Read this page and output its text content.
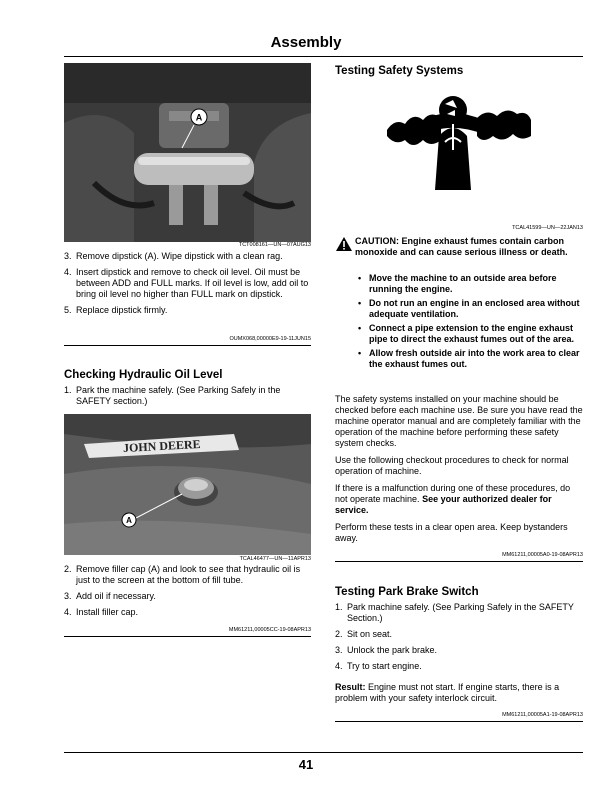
Assembly
A
TCT008161—UN—07AUG13
3. Remove dipstick (A). Wipe dipstick with a clean rag.
4. Insert dipstick and remove to check oil level. Oil must be between ADD and FULL marks. If oil level is low, add oil to bring oil level no higher than FULL mark on dipstick.
5. Replace dipstick firmly.
OUMX068,00000E9-19-11JUN15
Checking Hydraulic Oil Level
1. Park the machine safely. (See Parking Safely in the SAFETY section.)
JOHN DEERE
A
TCAL46477—UN—11APR13
2. Remove filler cap (A) and look to see that hydraulic oil is just to the screen at the bottom of fill tube.
3. Add oil if necessary.
4. Install filler cap.
MM61211,00005CC-19-08APR13
Testing Safety Systems
TCAL41599—UN—22JAN13
CAUTION: Engine exhaust fumes contain carbon monoxide and can cause serious illness or death.
• Move the machine to an outside area before running the engine.
• Do not run an engine in an enclosed area without adequate ventilation.
• Connect a pipe extension to the engine exhaust pipe to direct the exhaust fumes out of the area.
• Allow fresh outside air into the work area to clear the exhaust fumes out.
The safety systems installed on your machine should be checked before each machine use. Be sure you have read the machine operator manual and are completely familiar with the operation of the machine before performing these safety system checks.
Use the following checkout procedures to check for normal operation of machine.
If there is a malfunction during one of these procedures, do not operate machine. See your authorized dealer for service.
Perform these tests in a clear open area. Keep bystanders away.
MM61211,00005A0-19-08APR13
Testing Park Brake Switch
1. Park machine safely. (See Parking Safely in the SAFETY Section.)
2. Sit on seat.
3. Unlock the park brake.
4. Try to start engine.
Result: Engine must not start. If engine starts, there is a problem with your safety interlock circuit.
MM61211,00005A1-19-08APR13
41
